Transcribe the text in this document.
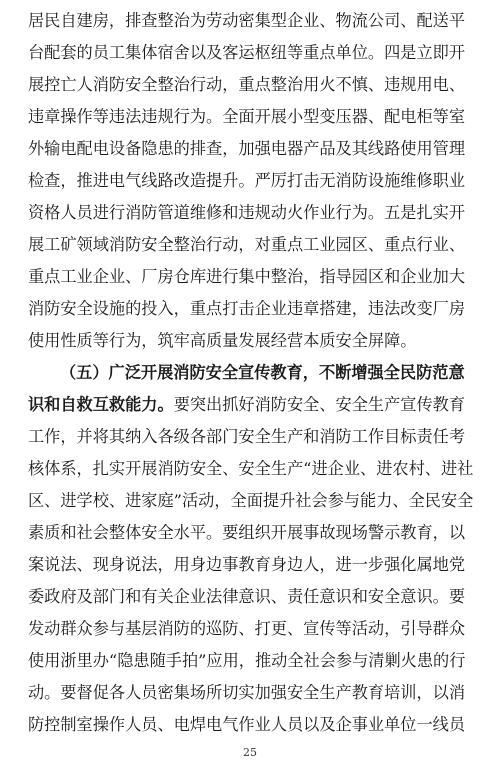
居民自建房，排查整治为劳动密集型企业、物流公司、配送平
台配套的员工集体宿舍以及客运枢纽等重点单位。四是立即开
展控亡人消防安全整治行动，重点整治用火不慎、违规用电、
违章操作等违法违规行为。全面开展小型变压器、配电柜等室
外输电配电设备隐患的排查，加强电器产品及其线路使用管理
检查，推进电气线路改造提升。严厉打击无消防设施维修职业
资格人员进行消防管道维修和违规动火作业行为。五是扎实开
展工矿领域消防安全整治行动，对重点工业园区、重点行业、
重点工业企业、厂房仓库进行集中整治，指导园区和企业加大
消防安全设施的投入，重点打击企业违章搭建，违法改变厂房
使用性质等行为，筑牢高质量发展经营本质安全屏障。
（五）广泛开展消防安全宣传教育，不断增强全民防范意
识和自救互救能力。要突出抓好消防安全、安全生产宣传教育
工作，并将其纳入各级各部门安全生产和消防工作目标责任考
核体系，扎实开展消防安全、安全生产“进企业、进农村、进社
区、进学校、进家庭”活动，全面提升社会参与能力、全民安全
素质和社会整体安全水平。要组织开展事故现场警示教育，以
案说法、现身说法，用身边事教育身边人，进一步强化属地党
委政府及部门和有关企业法律意识、责任意识和安全意识。要
发动群众参与基层消防的巡防、打更、宣传等活动，引导群众
使用浙里办“隐患随手拍”应用，推动全社会参与清剿火患的行
动。要督促各人员密集场所切实加强安全生产教育培训，以消
防控制室操作人员、电焊电气作业人员以及企事业单位一线员
25
